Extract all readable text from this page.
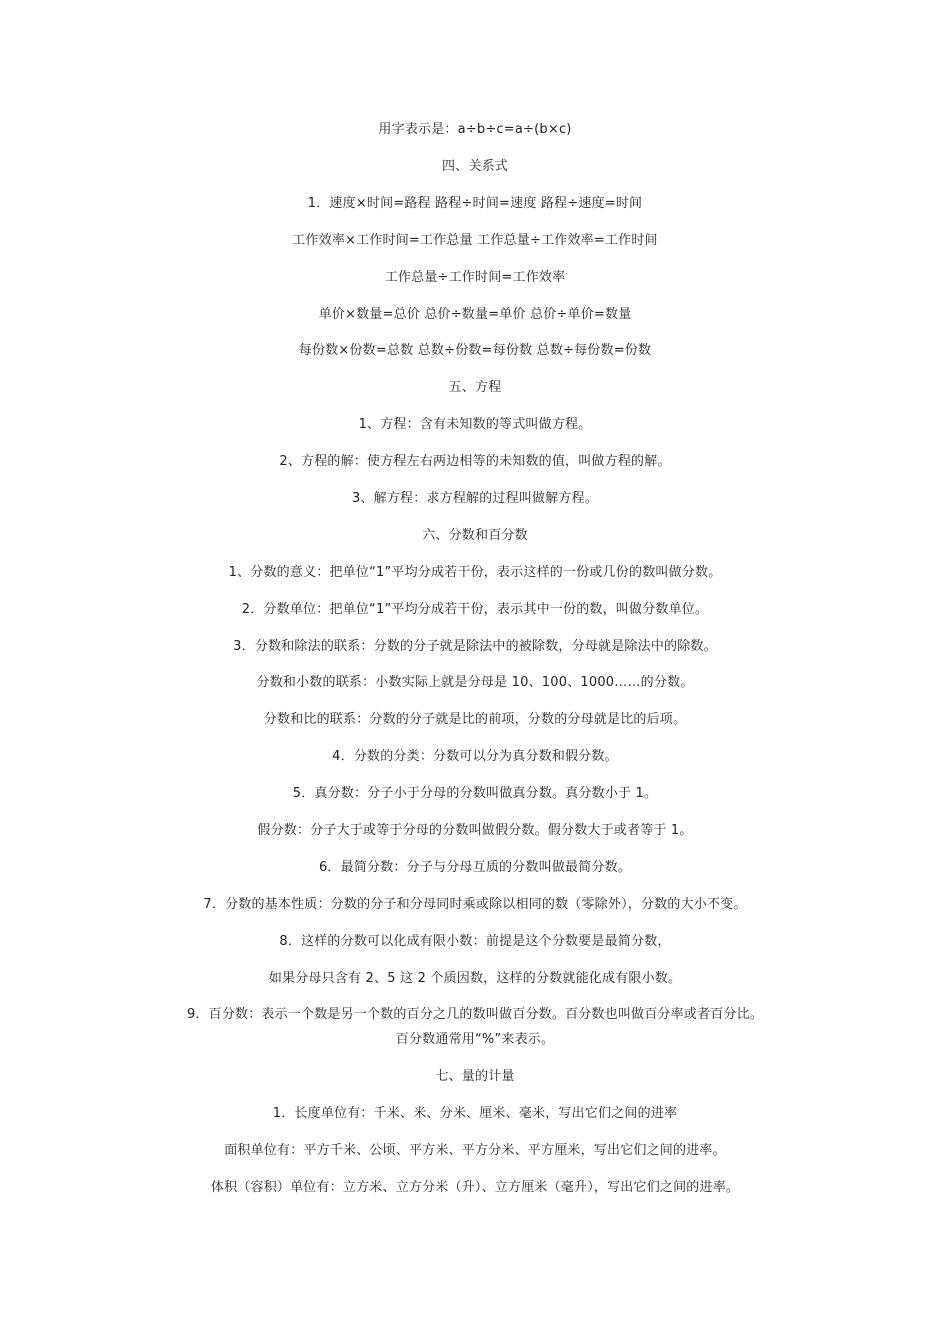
用字表示是：a÷b÷c=a÷(b×c)
四、关系式
1．速度×时间=路程 路程÷时间=速度 路程÷速度=时间
工作效率×工作时间=工作总量 工作总量÷工作效率=工作时间
工作总量÷工作时间=工作效率
单价×数量=总价 总价÷数量=单价 总价÷单价=数量
每份数×份数=总数 总数÷份数=每份数 总数÷每份数=份数
五、方程
1、方程：含有未知数的等式叫做方程。
2、方程的解：使方程左右两边相等的未知数的值，叫做方程的解。
3、解方程：求方程解的过程叫做解方程。
六、分数和百分数
1、分数的意义：把单位“1”平均分成若干份，表示这样的一份或几份的数叫做分数。
2．分数单位：把单位“1”平均分成若干份，表示其中一份的数，叫做分数单位。
3．分数和除法的联系：分数的分子就是除法中的被除数，分母就是除法中的除数。
分数和小数的联系：小数实际上就是分母是 10、100、1000……的分数。
分数和比的联系：分数的分子就是比的前项，分数的分母就是比的后项。
4．分数的分类：分数可以分为真分数和假分数。
5．真分数：分子小于分母的分数叫做真分数。真分数小于 1。
假分数：分子大于或等于分母的分数叫做假分数。假分数大于或者等于 1。
6．最简分数：分子与分母互质的分数叫做最简分数。
7．分数的基本性质：分数的分子和分母同时乘或除以相同的数（零除外），分数的大小不变。
8．这样的分数可以化成有限小数：前提是这个分数要是最简分数，
如果分母只含有 2、5 这 2 个质因数，这样的分数就能化成有限小数。
9．百分数：表示一个数是另一个数的百分之几的数叫做百分数。百分数也叫做百分率或者百分比。
百分数通常用“%”来表示。
七、量的计量
1．长度单位有：千米、米、分米、厘米、毫米，写出它们之间的进率
面积单位有：平方千米、公顷、平方米、平方分米、平方厘米，写出它们之间的进率。
体积（容积）单位有：立方米、立方分米（升）、立方厘米（毫升），写出它们之间的进率。
